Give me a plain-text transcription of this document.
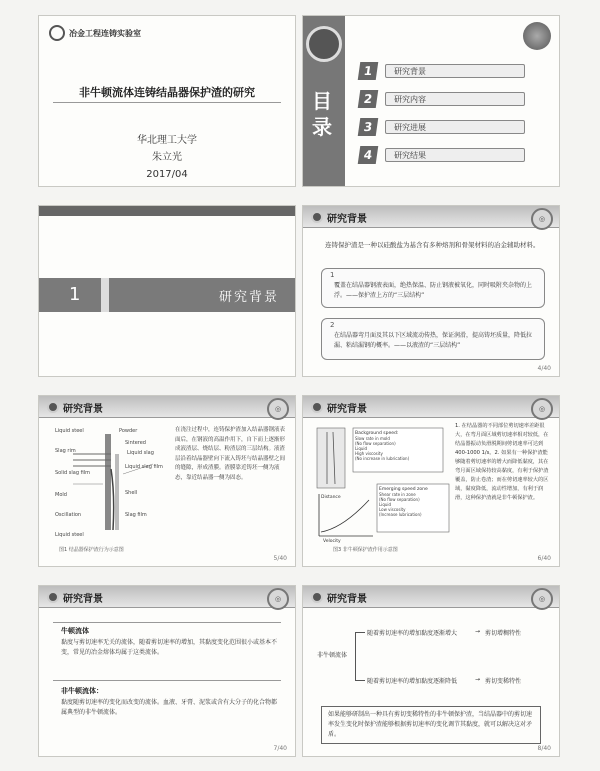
冶金工程连铸实验室
非牛顿流体连铸结晶器保护渣的研究
华北理工大学
朱立光
2017/04
目 录
1	研究背景
2	研究内容
3	研究进展
4	研究结果
1	研究背景
研究背景	◎
连铸保护渣是一种以硅酸盐为基含有多种熔剂和骨架材料的冶金辅助材料。
1
覆盖在结晶器钢液表面，绝热保温、防止钢液被氧化，同时吸附夹杂物的上浮。——保护渣上方的“三层结构”
2
在结晶器弯月面及其以下区域流动传热，保证润滑，提高铸坯质量，降低拉漏、粘结漏钢的概率。——以液渣的“三层结构”
4/40
研究背景	◎
Liquid steel	Powder
Sintered
Liquid slag
Slag rim
Solid slag film
Liquid slag film
Mold	Shell
Oscillation	Slag film
Liquid steel
在浇注过程中，连铸保护渣加入结晶器钢液表面后，在钢液的高温作用下，自下而上逐渐形成液渣层、烧结层、粉渣层的三层结构。液渣层沿着结晶器壁向下流入铸坯与结晶器壁之间的缝隙，形成渣膜。渣膜靠近铸坯一侧为液态，靠近结晶器一侧为固态。
图1 结晶器保护渣行为示意图
5/40
研究背景	◎
Background speed:
Slow rate in mold
(No flow separation)
Liquid
High viscosity
(No increase in lubrication)
Velocity
Distance
Emerging speed zone
Shear rate in zone
(No flow separation)
Liquid
Low viscosity
(Increase lubrication)
1. 在结晶器的不同部位剪切速率差距很大，在弯月面区域剪切速率相对较低，在结晶器振动负滑脱期间剪切速率可达到400-1000 1/s。2. 如果有一种保护渣能够随着剪切速率的增大而降低黏度，其在弯月面区域保持较高黏度，有利于保护渣覆盖，防止卷渣；而在剪切速率较大的区域，黏度降低，流动性增加，有利于润滑，这种保护渣就是非牛顿保护渣。
图3 非牛顿保护渣作用示意图
6/40
研究背景	◎
牛顿流体
黏度与剪切速率无关的流体，随着剪切速率的增加，其黏度变化范围很小或基本不变，常见的冶金熔体均属于这类流体。
非牛顿流体：
黏度随剪切速率的变化而改变的流体。血液、牙膏、泥浆或含有大分子的化合物都属典型的非牛顿流体。
7/40
研究背景	◎
非牛顿流体
随着剪切速率的增加黏度逐渐增大	→ 剪切增稠特性
随着剪切速率的增加黏度逐渐降低	→ 剪切变稀特性
如果能够研制出一种具有剪切变稀特性的非牛顿保护渣，当结晶器中的剪切速率发生变化时保护渣能够根据剪切速率的变化调节其黏度，就可以解决这对矛盾。
8/40
